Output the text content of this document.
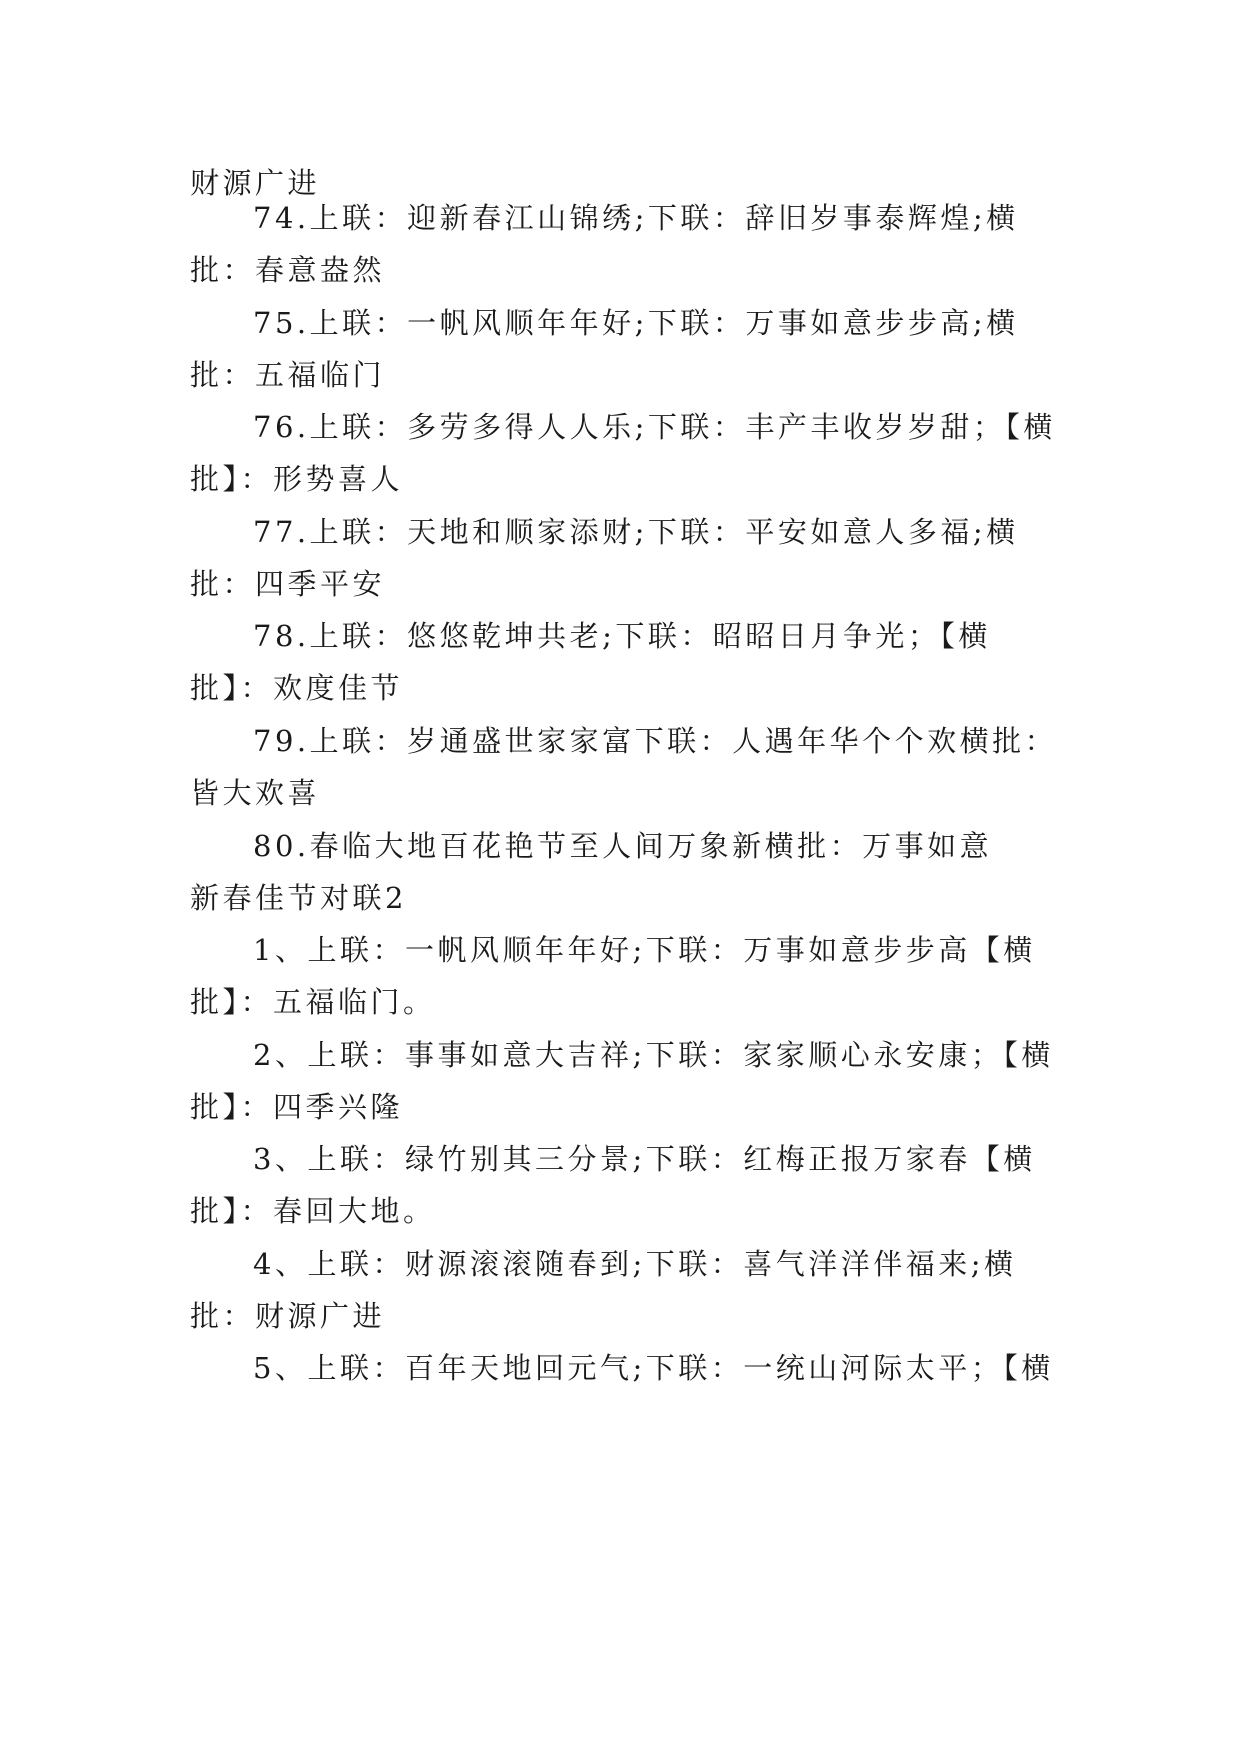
财源广进
74.上联：迎新春江山锦绣;下联：辞旧岁事泰辉煌;横
批：春意盎然
75.上联：一帆风顺年年好;下联：万事如意步步高;横
批：五福临门
76.上联：多劳多得人人乐;下联：丰产丰收岁岁甜；【横
批】：形势喜人
77.上联：天地和顺家添财;下联：平安如意人多福;横
批：四季平安
78.上联：悠悠乾坤共老;下联：昭昭日月争光；【横
批】：欢度佳节
79.上联：岁通盛世家家富下联：人遇年华个个欢横批：
皆大欢喜
80.春临大地百花艳节至人间万象新横批：万事如意
新春佳节对联2
1、上联：一帆风顺年年好;下联：万事如意步步高【横
批】：五福临门。
2、上联：事事如意大吉祥;下联：家家顺心永安康；【横
批】：四季兴隆
3、上联：绿竹别其三分景;下联：红梅正报万家春【横
批】：春回大地。
4、上联：财源滚滚随春到;下联：喜气洋洋伴福来;横
批：财源广进
5、上联：百年天地回元气;下联：一统山河际太平；【横
